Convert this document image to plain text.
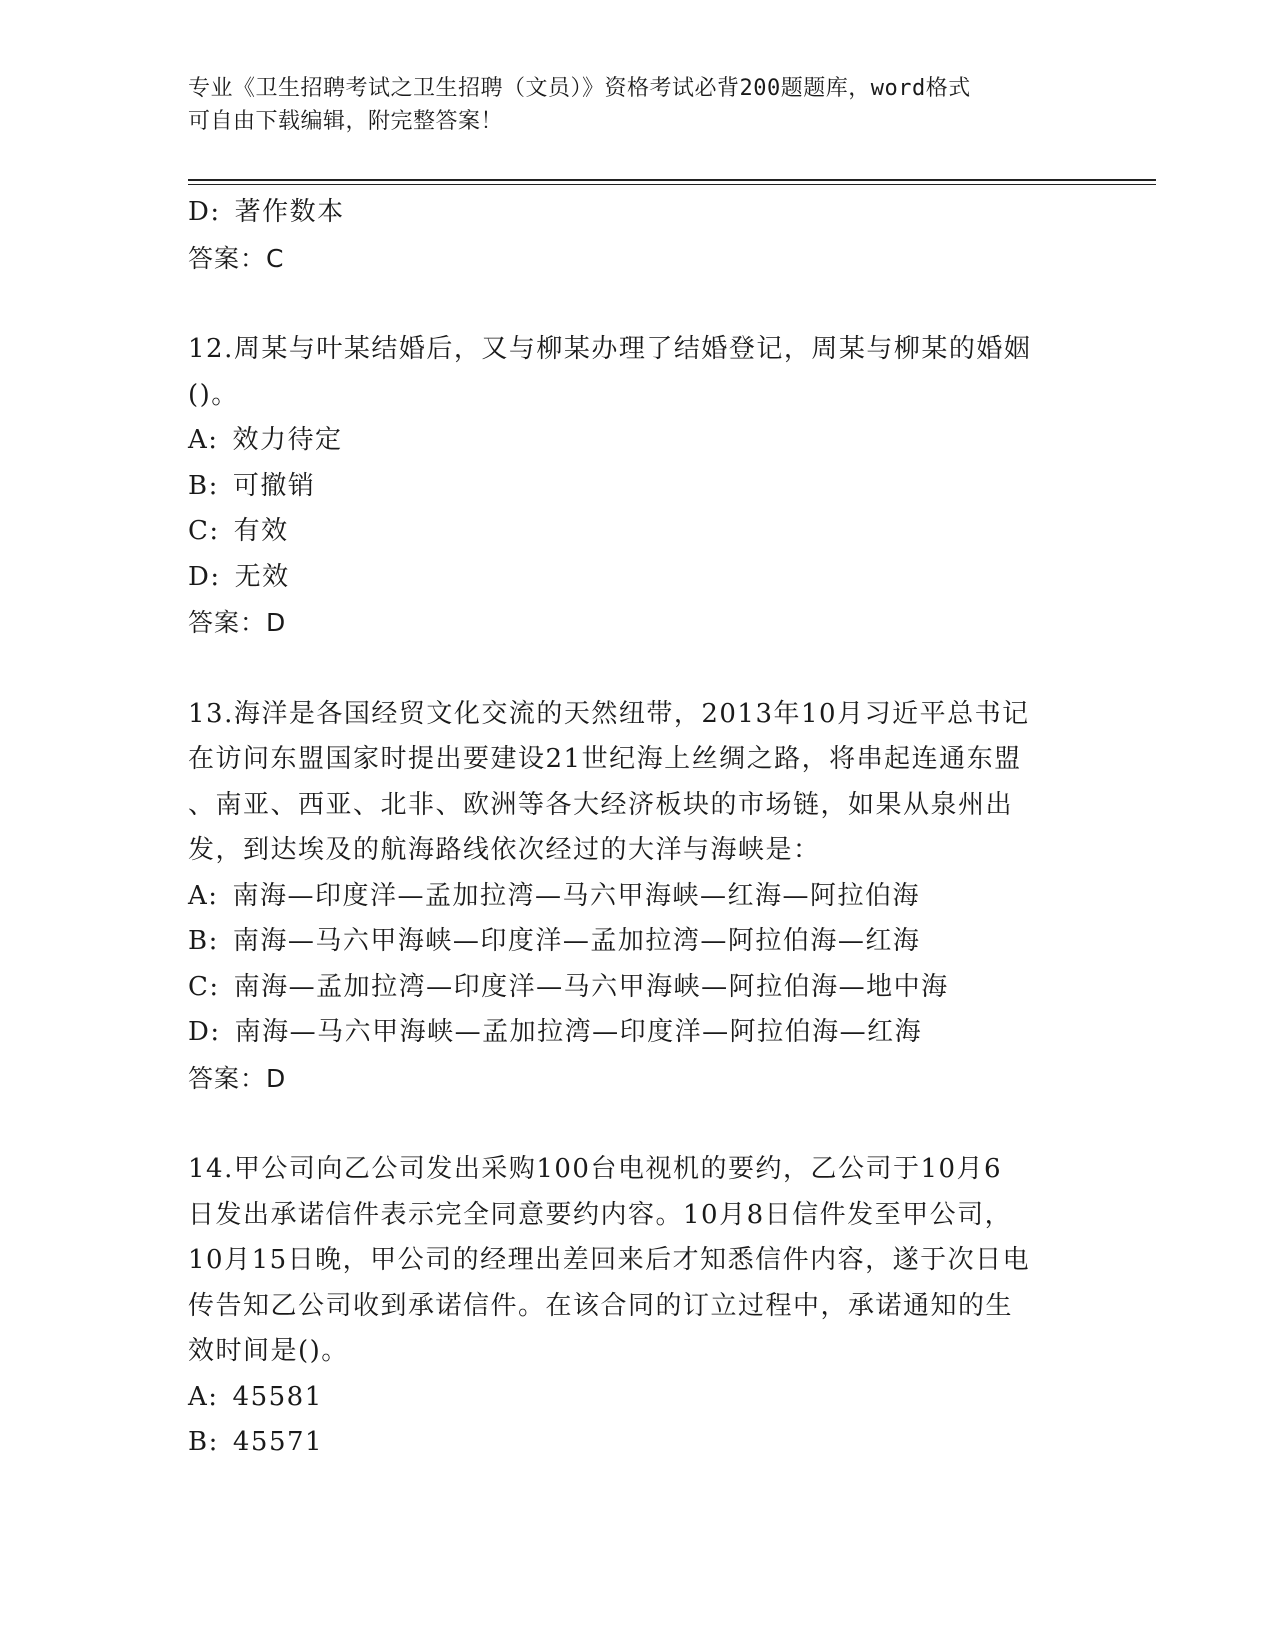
专业《卫生招聘考试之卫生招聘（文员）》资格考试必背200题题库，word格式

可自由下载编辑，附完整答案！

D: 著作数本

答案：C

12.周某与叶某结婚后，又与柳某办理了结婚登记，周某与柳某的婚姻

()。

A: 效力待定

B: 可撤销

C: 有效

D: 无效

答案：D

13.海洋是各国经贸文化交流的天然纽带，2013年10月习近平总书记

在访问东盟国家时提出要建设21世纪海上丝绸之路，将串起连通东盟

、南亚、西亚、北非、欧洲等各大经济板块的市场链，如果从泉州出

发，到达埃及的航海路线依次经过的大洋与海峡是：

A: 南海—印度洋—孟加拉湾—马六甲海峡—红海—阿拉伯海

B: 南海—马六甲海峡—印度洋—孟加拉湾—阿拉伯海—红海

C: 南海—孟加拉湾—印度洋—马六甲海峡—阿拉伯海—地中海

D: 南海—马六甲海峡—孟加拉湾—印度洋—阿拉伯海—红海

答案：D

14.甲公司向乙公司发出采购100台电视机的要约，乙公司于10月6

日发出承诺信件表示完全同意要约内容。10月8日信件发至甲公司，

10月15日晚，甲公司的经理出差回来后才知悉信件内容，遂于次日电

传告知乙公司收到承诺信件。在该合同的订立过程中，承诺通知的生

效时间是()。

A: 45581

B: 45571
